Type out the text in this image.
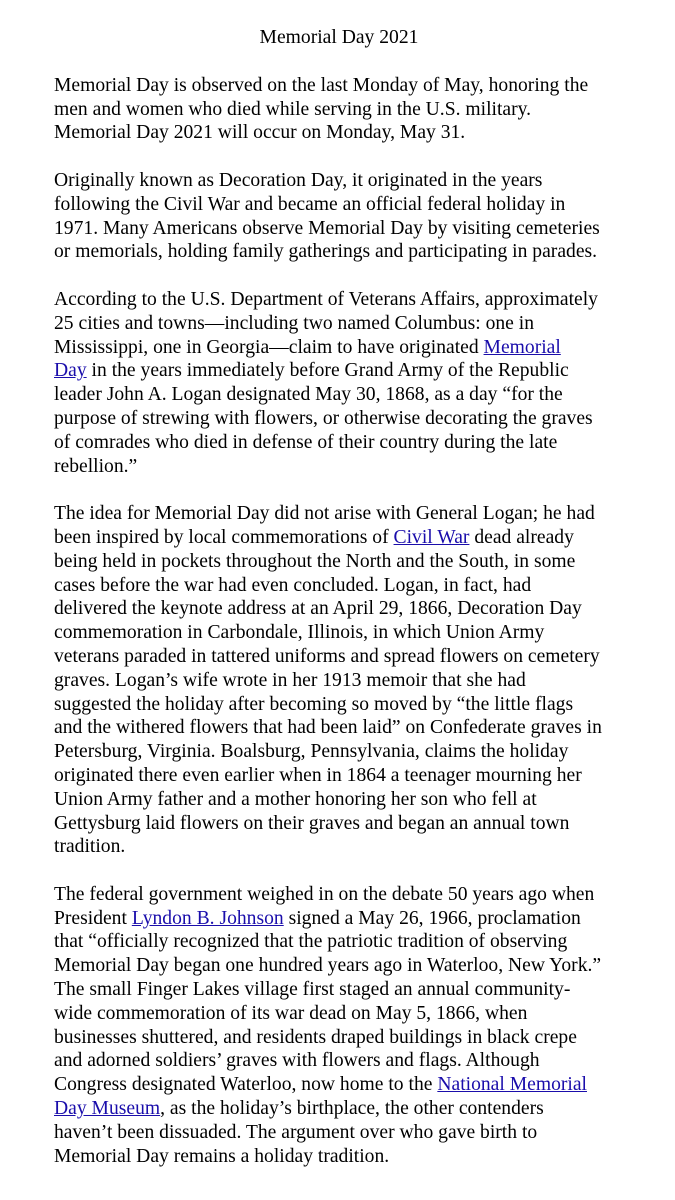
Memorial Day 2021
Memorial Day is observed on the last Monday of May, honoring the
men and women who died while serving in the U.S. military.
Memorial Day 2021 will occur on Monday, May 31.
Originally known as Decoration Day, it originated in the years
following the Civil War and became an official federal holiday in
1971. Many Americans observe Memorial Day by visiting cemeteries
or memorials, holding family gatherings and participating in parades.
According to the U.S. Department of Veterans Affairs, approximately
25 cities and towns—including two named Columbus: one in
Mississippi, one in Georgia—claim to have originated Memorial
Day in the years immediately before Grand Army of the Republic
leader John A. Logan designated May 30, 1868, as a day “for the
purpose of strewing with flowers, or otherwise decorating the graves
of comrades who died in defense of their country during the late
rebellion.”
The idea for Memorial Day did not arise with General Logan; he had
been inspired by local commemorations of Civil War dead already
being held in pockets throughout the North and the South, in some
cases before the war had even concluded. Logan, in fact, had
delivered the keynote address at an April 29, 1866, Decoration Day
commemoration in Carbondale, Illinois, in which Union Army
veterans paraded in tattered uniforms and spread flowers on cemetery
graves. Logan’s wife wrote in her 1913 memoir that she had
suggested the holiday after becoming so moved by “the little flags
and the withered flowers that had been laid” on Confederate graves in
Petersburg, Virginia. Boalsburg, Pennsylvania, claims the holiday
originated there even earlier when in 1864 a teenager mourning her
Union Army father and a mother honoring her son who fell at
Gettysburg laid flowers on their graves and began an annual town
tradition.
The federal government weighed in on the debate 50 years ago when
President Lyndon B. Johnson signed a May 26, 1966, proclamation
that “officially recognized that the patriotic tradition of observing
Memorial Day began one hundred years ago in Waterloo, New York.”
The small Finger Lakes village first staged an annual community-
wide commemoration of its war dead on May 5, 1866, when
businesses shuttered, and residents draped buildings in black crepe
and adorned soldiers’ graves with flowers and flags. Although
Congress designated Waterloo, now home to the National Memorial
Day Museum, as the holiday’s birthplace, the other contenders
haven’t been dissuaded. The argument over who gave birth to
Memorial Day remains a holiday tradition.
